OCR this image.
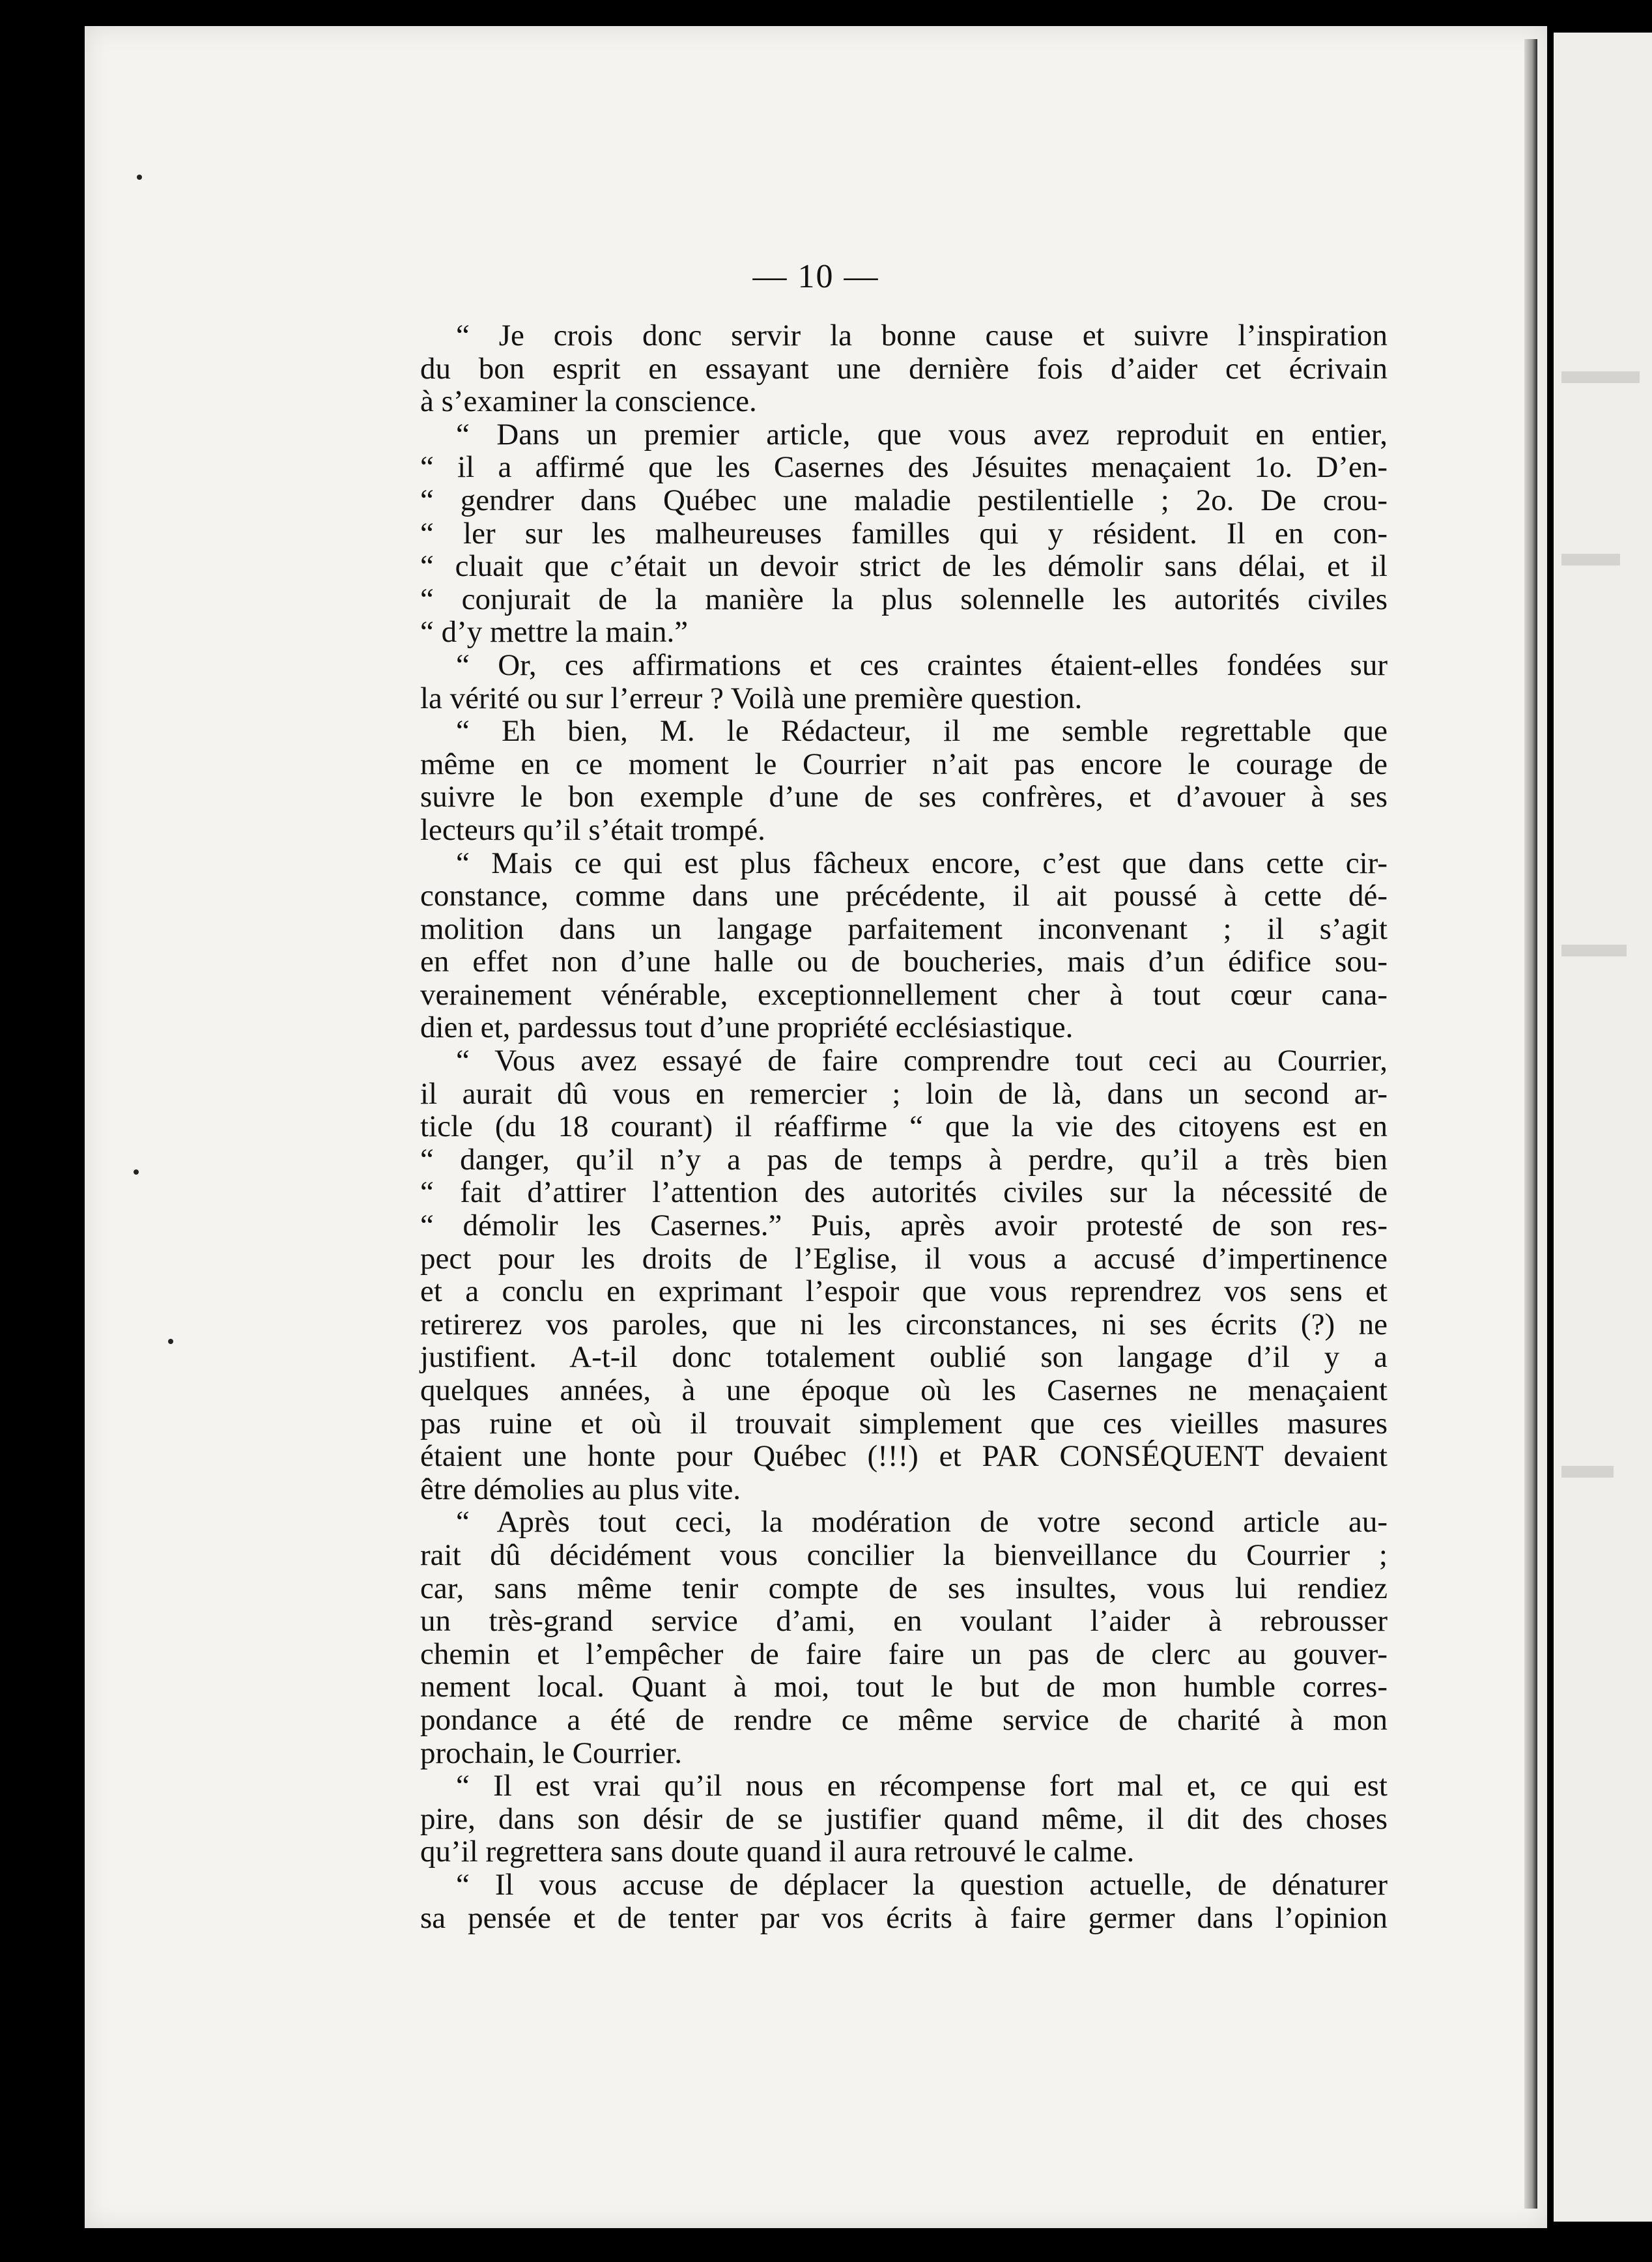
— 10 —

“ Je crois donc servir la bonne cause et suivre l’inspiration
du bon esprit en essayant une dernière fois d’aider cet écrivain
à s’examiner la conscience.

“ Dans un premier article, que vous avez reproduit en entier,
“ il a affirmé que les Casernes des Jésuites menaçaient 1o. D’en-
“ gendrer dans Québec une maladie pestilentielle ; 2o. De crou-
“ ler sur les malheureuses familles qui y résident. Il en con-
“ cluait que c’était un devoir strict de les démolir sans délai, et il
“ conjurait de la manière la plus solennelle les autorités civiles
“ d’y mettre la main.”

“ Or, ces affirmations et ces craintes étaient-elles fondées sur
la vérité ou sur l’erreur ? Voilà une première question.

“ Eh bien, M. le Rédacteur, il me semble regrettable que
même en ce moment le Courrier n’ait pas encore le courage de
suivre le bon exemple d’une de ses confrères, et d’avouer à ses
lecteurs qu’il s’était trompé.

“ Mais ce qui est plus fâcheux encore, c’est que dans cette cir-
constance, comme dans une précédente, il ait poussé à cette dé-
molition dans un langage parfaitement inconvenant ; il s’agit
en effet non d’une halle ou de boucheries, mais d’un édifice sou-
verainement vénérable, exceptionnellement cher à tout cœur cana-
dien et, pardessus tout d’une propriété ecclésiastique.

“ Vous avez essayé de faire comprendre tout ceci au Courrier,
il aurait dû vous en remercier ; loin de là, dans un second ar-
ticle (du 18 courant) il réaffirme “ que la vie des citoyens est en
“ danger, qu’il n’y a pas de temps à perdre, qu’il a très bien
“ fait d’attirer l’attention des autorités civiles sur la nécessité de
“ démolir les Casernes.” Puis, après avoir protesté de son res-
pect pour les droits de l’Eglise, il vous a accusé d’impertinence
et a conclu en exprimant l’espoir que vous reprendrez vos sens et
retirerez vos paroles, que ni les circonstances, ni ses écrits (?) ne
justifient. A-t-il donc totalement oublié son langage d’il y a
quelques années, à une époque où les Casernes ne menaçaient
pas ruine et où il trouvait simplement que ces vieilles masures
étaient une honte pour Québec (!!!) et PAR CONSÉQUENT devaient
être démolies au plus vite.

“ Après tout ceci, la modération de votre second article au-
rait dû décidément vous concilier la bienveillance du Courrier ;
car, sans même tenir compte de ses insultes, vous lui rendiez
un très-grand service d’ami, en voulant l’aider à rebrousser
chemin et l’empêcher de faire faire un pas de clerc au gouver-
nement local. Quant à moi, tout le but de mon humble corres-
pondance a été de rendre ce même service de charité à mon
prochain, le Courrier.

“ Il est vrai qu’il nous en récompense fort mal et, ce qui est
pire, dans son désir de se justifier quand même, il dit des choses
qu’il regrettera sans doute quand il aura retrouvé le calme.

“ Il vous accuse de déplacer la question actuelle, de dénaturer
sa pensée et de tenter par vos écrits à faire germer dans l’opinion
